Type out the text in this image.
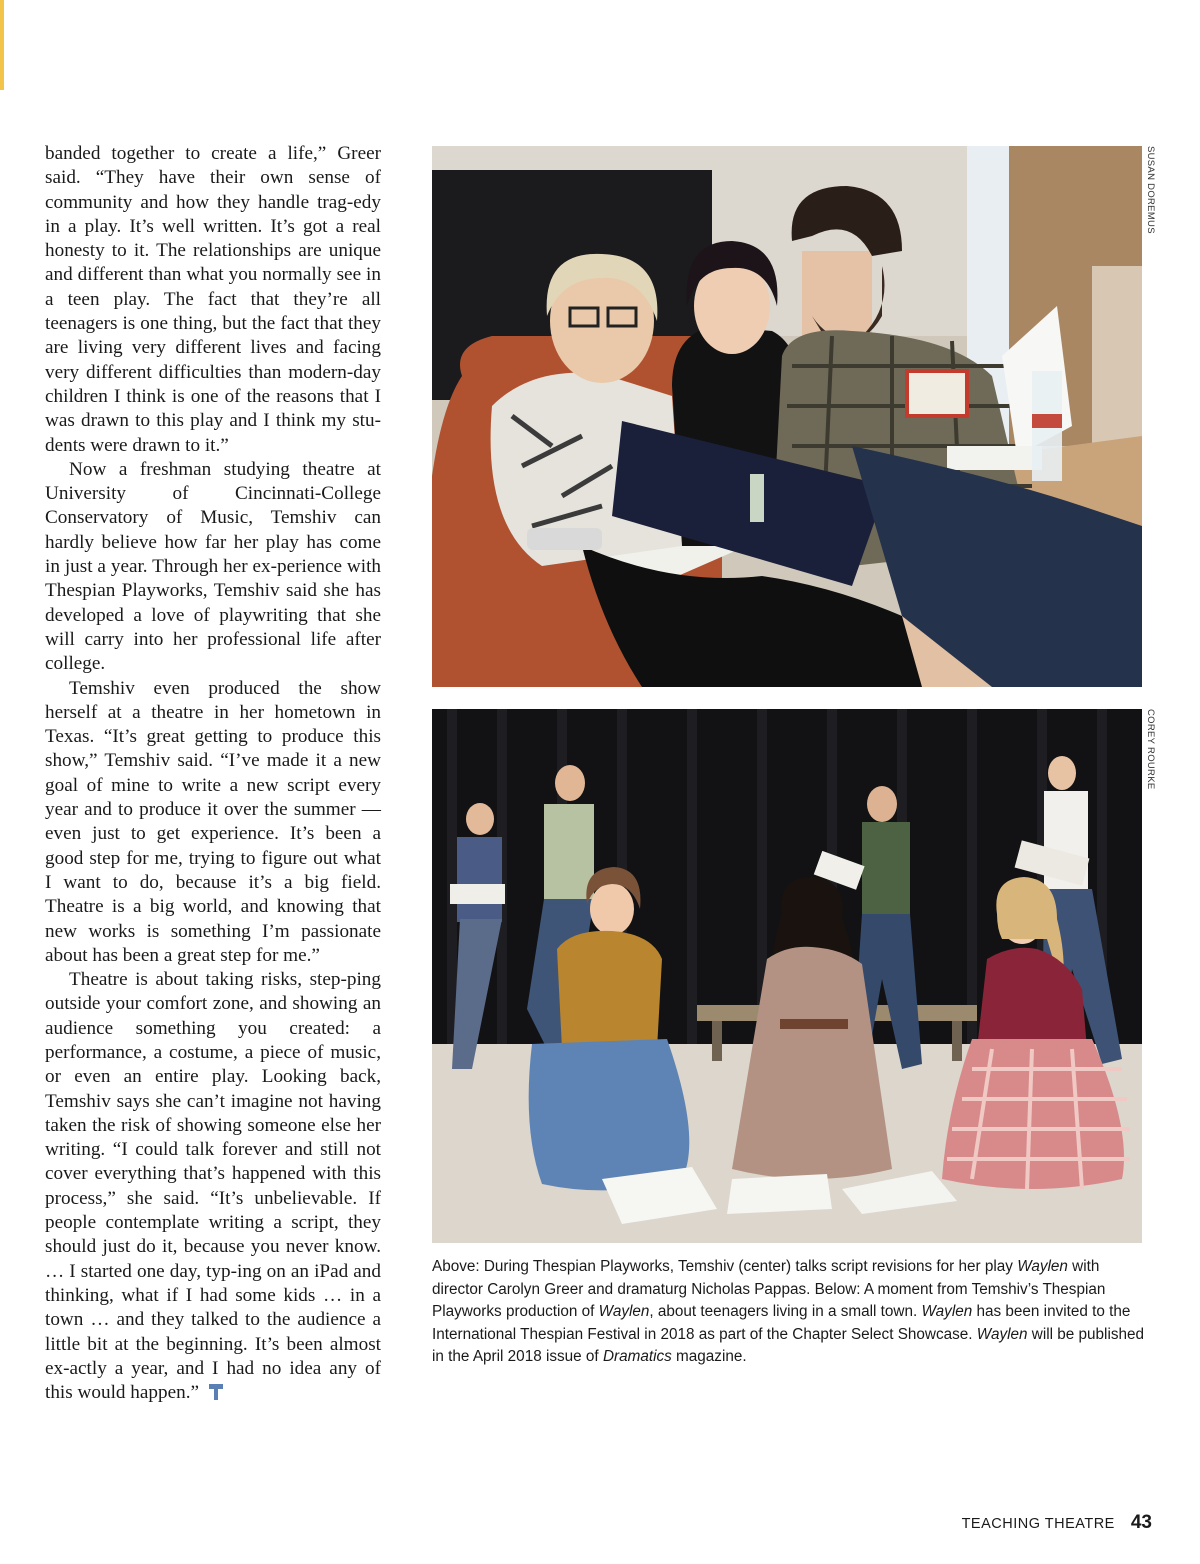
banded together to create a life,” Greer said. “They have their own sense of community and how they handle trag-edy in a play. It’s well written. It’s got a real honesty to it. The relationships are unique and different than what you normally see in a teen play. The fact that they’re all teenagers is one thing, but the fact that they are living very different lives and facing very different difficulties than modern-day children I think is one of the reasons that I was drawn to this play and I think my stu-dents were drawn to it.”

Now a freshman studying theatre at University of Cincinnati-College Conservatory of Music, Temshiv can hardly believe how far her play has come in just a year. Through her ex-perience with Thespian Playworks, Temshiv said she has developed a love of playwriting that she will carry into her professional life after college.

Temshiv even produced the show herself at a theatre in her hometown in Texas. “It’s great getting to produce this show,” Temshiv said. “I’ve made it a new goal of mine to write a new script every year and to produce it over the summer — even just to get experience. It’s been a good step for me, trying to figure out what I want to do, because it’s a big field. Theatre is a big world, and knowing that new works is something I’m passionate about has been a great step for me.”

Theatre is about taking risks, step-ping outside your comfort zone, and showing an audience something you created: a performance, a costume, a piece of music, or even an entire play. Looking back, Temshiv says she can’t imagine not having taken the risk of showing someone else her writing. “I could talk forever and still not cover everything that’s happened with this process,” she said. “It’s unbelievable. If people contemplate writing a script, they should just do it, because you never know. … I started one day, typ-ing on an iPad and thinking, what if I had some kids … in a town … and they talked to the audience a little bit at the beginning. It’s been almost ex-actly a year, and I had no idea any of this would happen.”

SUSAN DOREMUS
COREY ROURKE

Above: During Thespian Playworks, Temshiv (center) talks script revisions for her play Waylen with director Carolyn Greer and dramaturg Nicholas Pappas. Below: A moment from Temshiv’s Thespian Playworks production of Waylen, about teenagers living in a small town. Waylen has been invited to the International Thespian Festival in 2018 as part of the Chapter Select Showcase. Waylen will be published in the April 2018 issue of Dramatics magazine.

TEACHING THEATRE 43
